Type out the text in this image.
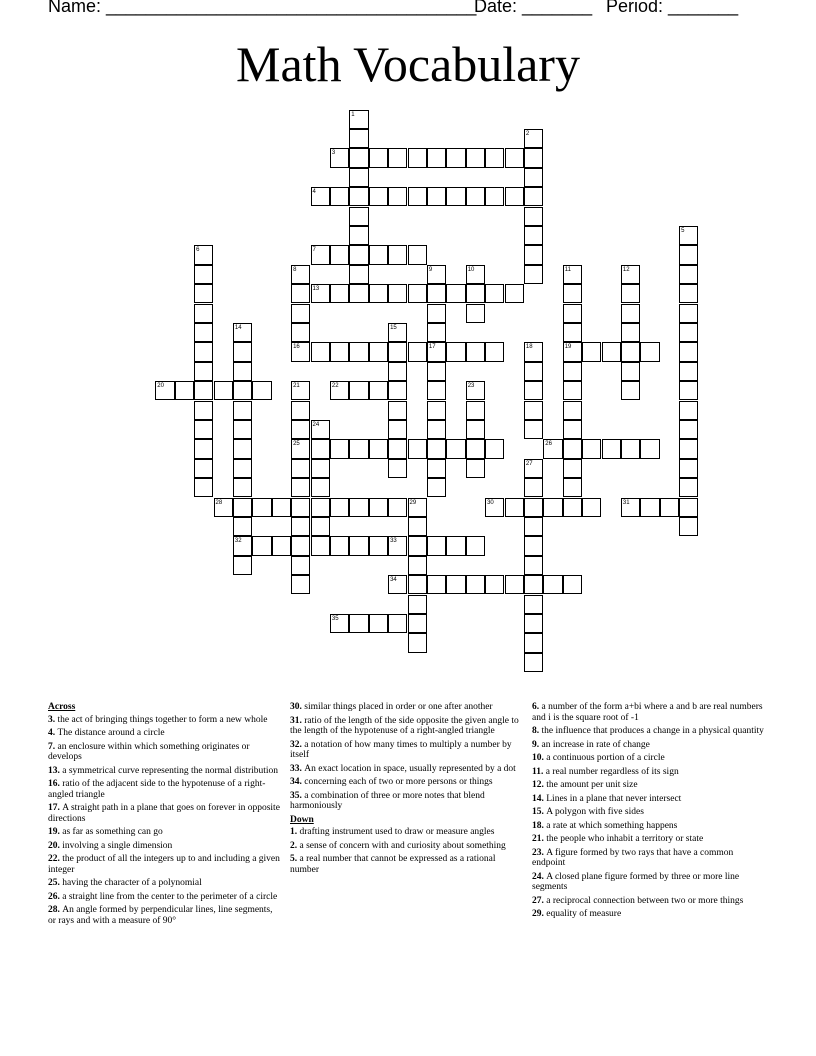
Name: _____________________________________
Date: _______ Period: _______
Math Vocabulary
1
2
3
4
5
6	7
8
16
9
17
10	11
19
12
13
14
32
15
18
20	21
25
22	23
24
26
27
28	29	30	31
33
34
35
Across
3. the act of bringing things together to form a new whole
4. The distance around a circle
7. an enclosure within which something originates or develops
13. a symmetrical curve representing the normal distribution
16. ratio of the adjacent side to the hypotenuse of a right-angled triangle
17. A straight path in a plane that goes on forever in opposite directions
19. as far as something can go
20. involving a single dimension
22. the product of all the integers up to and including a given integer
25. having the character of a polynomial
26. a straight line from the center to the perimeter of a circle
28. An angle formed by perpendicular lines, line segments, or rays and with a measure of 90°
30. similar things placed in order or one after another
31. ratio of the length of the side opposite the given angle to the length of the hypotenuse of a right-angled triangle
32. a notation of how many times to multiply a number by itself
33. An exact location in space, usually represented by a dot
34. concerning each of two or more persons or things
35. a combination of three or more notes that blend harmoniously
Down
1. drafting instrument used to draw or measure angles
2. a sense of concern with and curiosity about something
5. a real number that cannot be expressed as a rational number
6. a number of the form a+bi where a and b are real numbers and i is the square root of -1
8. the influence that produces a change in a physical quantity
9. an increase in rate of change
10. a continuous portion of a circle
11. a real number regardless of its sign
12. the amount per unit size
14. Lines in a plane that never intersect
15. A polygon with five sides
18. a rate at which something happens
21. the people who inhabit a territory or state
23. A figure formed by two rays that have a common endpoint
24. A closed plane figure formed by three or more line segments
27. a reciprocal connection between two or more things
29. equality of measure
